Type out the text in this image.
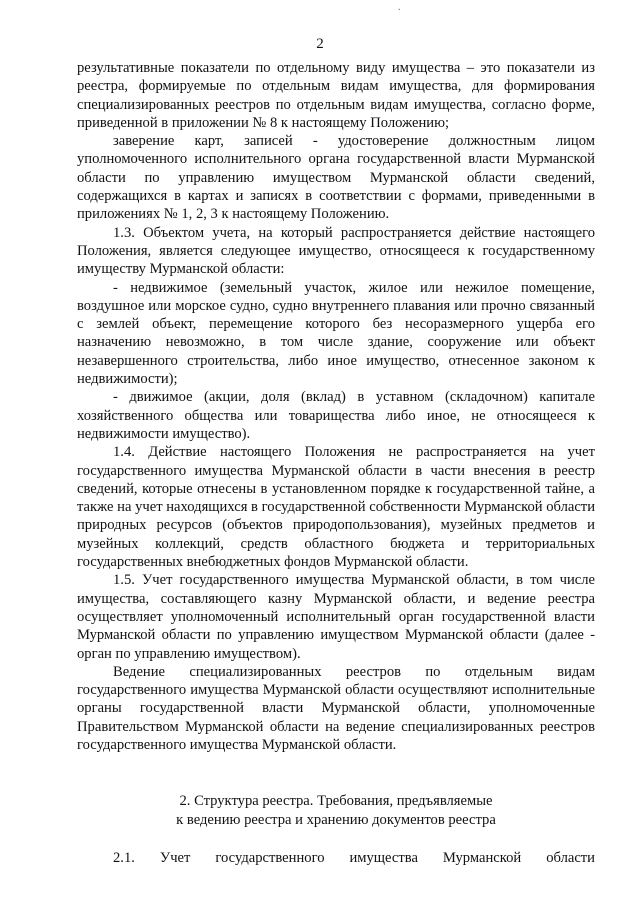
.
2

результативные показатели по отдельному виду имущества – это показатели из реестра, формируемые по отдельным видам имущества, для формирования специализированных реестров по отдельным видам имущества, согласно форме, приведенной в приложении № 8 к настоящему Положению;

заверение карт, записей - удостоверение должностным лицом уполномоченного исполнительного органа государственной власти Мурманской области по управлению имуществом Мурманской области сведений, содержащихся в картах и записях в соответствии с формами, приведенными в приложениях № 1, 2, 3 к настоящему Положению.

1.3. Объектом учета, на который распространяется действие настоящего Положения, является следующее имущество, относящееся к государственному имуществу Мурманской области:

- недвижимое (земельный участок, жилое или нежилое помещение, воздушное или морское судно, судно внутреннего плавания или прочно связанный с землей объект, перемещение которого без несоразмерного ущерба его назначению невозможно, в том числе здание, сооружение или объект незавершенного строительства, либо иное имущество, отнесенное законом к недвижимости);

- движимое (акции, доля (вклад) в уставном (складочном) капитале хозяйственного общества или товарищества либо иное, не относящееся к недвижимости имущество).

1.4. Действие настоящего Положения не распространяется на учет государственного имущества Мурманской области в части внесения в реестр сведений, которые отнесены в установленном порядке к государственной тайне, а также на учет находящихся в государственной собственности Мурманской области природных ресурсов (объектов природопользования), музейных предметов и музейных коллекций, средств областного бюджета и территориальных государственных внебюджетных фондов Мурманской области.

1.5. Учет государственного имущества Мурманской области, в том числе имущества, составляющего казну Мурманской области, и ведение реестра осуществляет уполномоченный исполнительный орган государственной власти Мурманской области по управлению имуществом Мурманской области (далее - орган по управлению имуществом).

Ведение специализированных реестров по отдельным видам государственного имущества Мурманской области осуществляют исполнительные органы государственной власти Мурманской области, уполномоченные Правительством Мурманской области на ведение специализированных реестров государственного имущества Мурманской области.

2. Структура реестра. Требования, предъявляемые

к ведению реестра и хранению документов реестра

2.1. Учет государственного имущества Мурманской области
